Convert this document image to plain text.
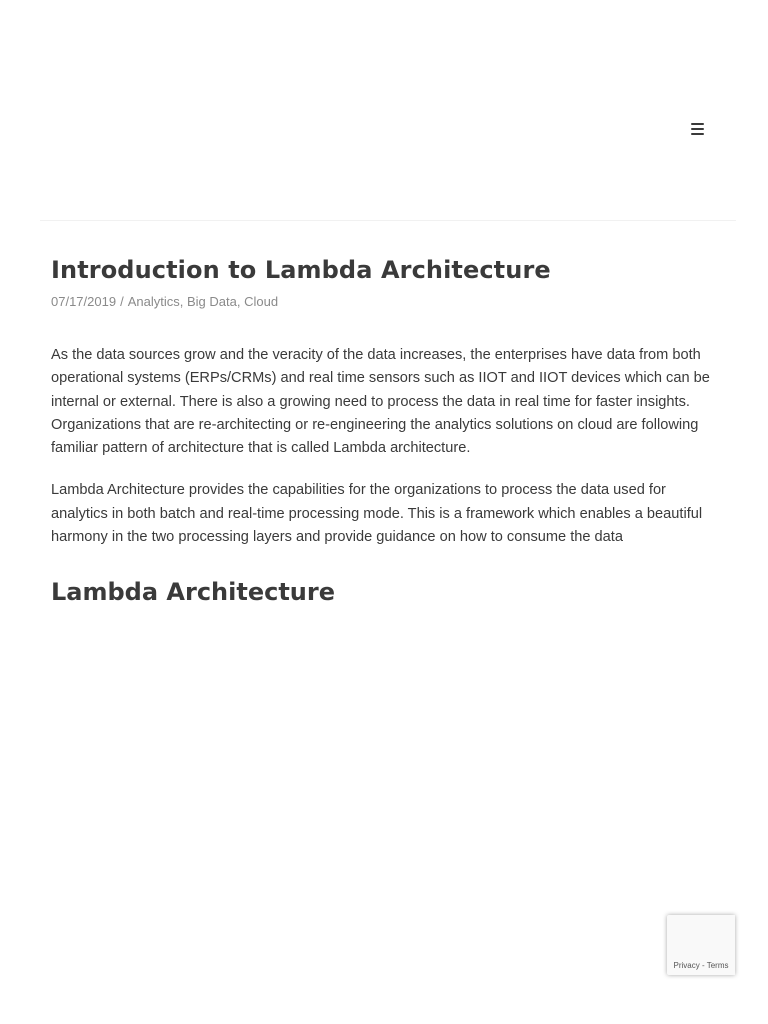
Introduction to Lambda Architecture
07/17/2019 / Analytics, Big Data, Cloud

As the data sources grow and the veracity of the data increases, the enterprises have data from both operational systems (ERPs/CRMs) and real time sensors such as IIOT and IIOT devices which can be internal or external. There is also a growing need to process the data in real time for faster insights. Organizations that are re-architecting or re-engineering the analytics solutions on cloud are following familiar pattern of architecture that is called Lambda architecture.

Lambda Architecture provides the capabilities for the organizations to process the data used for analytics in both batch and real-time processing mode. This is a framework which enables a beautiful harmony in the two processing layers and provide guidance on how to consume the data

Lambda Architecture
Privacy - Terms
